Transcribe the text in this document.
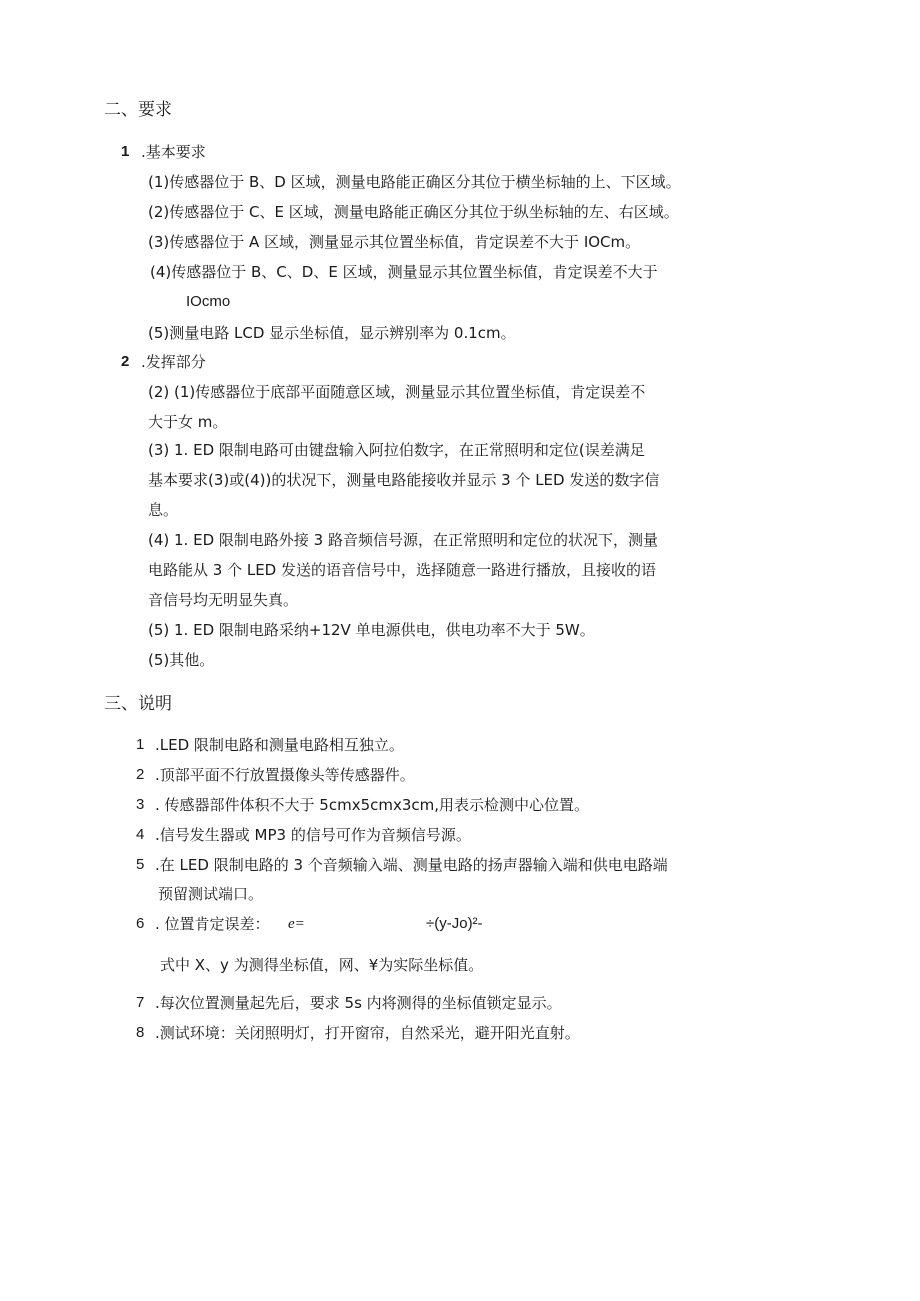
二、要求
1 .基本要求
(1)传感器位于 B、D 区域，测量电路能正确区分其位于横坐标轴的上、下区域。
(2)传感器位于 C、E 区域，测量电路能正确区分其位于纵坐标轴的左、右区域。
(3)传感器位于 A 区域，测量显示其位置坐标值，肯定误差不大于 IOCm。
(4)传感器位于 B、C、D、E 区域，测量显示其位置坐标值，肯定误差不大于
IOcmo
(5)测量电路 LCD 显示坐标值，显示辨别率为 0.1cm。
2 .发挥部分
(2) (1)传感器位于底部平面随意区域，测量显示其位置坐标值，肯定误差不
大于女 m。
(3) 1. ED 限制电路可由键盘输入阿拉伯数字，在正常照明和定位(误差满足
基本要求(3)或(4))的状况下，测量电路能接收并显示 3 个 LED 发送的数字信
息。
(4) 1. ED 限制电路外接 3 路音频信号源，在正常照明和定位的状况下，测量
电路能从 3 个 LED 发送的语音信号中，选择随意一路进行播放，且接收的语
音信号均无明显失真。
(5) 1. ED 限制电路采纳+12V 单电源供电，供电功率不大于 5W。
(5)其他。
三、说明
1 .LED 限制电路和测量电路相互独立。
2 .顶部平面不行放置摄像头等传感器件。
3 . 传感器部件体积不大于 5cmx5cmx3cm,用表示检测中心位置。
4 .信号发生器或 MP3 的信号可作为音频信号源。
5 .在 LED 限制电路的 3 个音频输入端、测量电路的扬声器输入端和供电电路端
预留测试端口。
6 . 位置肯定误差： e=	÷(y-Jo)²-
式中 X、y 为测得坐标值，网、¥为实际坐标值。
7 .每次位置测量起先后，要求 5s 内将测得的坐标值锁定显示。
8 .测试环境：关闭照明灯，打开窗帘，自然采光，避开阳光直射。
